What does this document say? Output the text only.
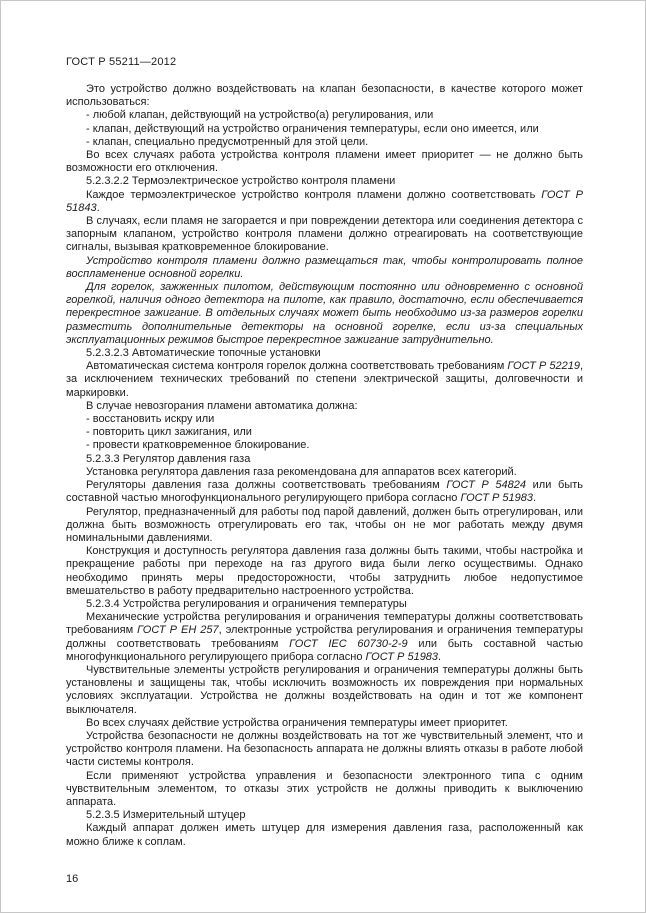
ГОСТ Р 55211—2012

Это устройство должно воздействовать на клапан безопасности, в качестве которого может использоваться:

- любой клапан, действующий на устройство(а) регулирования, или

- клапан, действующий на устройство ограничения температуры, если оно имеется, или

- клапан, специально предусмотренный для этой цели.

Во всех случаях работа устройства контроля пламени имеет приоритет — не должно быть возможности его отключения.

5.2.3.2.2 Термоэлектрическое устройство контроля пламени

Каждое термоэлектрическое устройство контроля пламени должно соответствовать ГОСТ Р 51843.

В случаях, если пламя не загорается и при повреждении детектора или соединения детектора с запорным клапаном, устройство контроля пламени должно отреагировать на соответствующие сигналы, вызывая кратковременное блокирование.

Устройство контроля пламени должно размещаться так, чтобы контролировать полное воспламенение основной горелки.

Для горелок, зажженных пилотом, действующим постоянно или одновременно с основной горелкой, наличия одного детектора на пилоте, как правило, достаточно, если обеспечивается перекрестное зажигание. В отдельных случаях может быть необходимо из-за размеров горелки разместить дополнительные детекторы на основной горелке, если из-за специальных эксплуатационных режимов быстрое перекрестное зажигание затруднительно.

5.2.3.2.3 Автоматические топочные установки

Автоматическая система контроля горелок должна соответствовать требованиям ГОСТ Р 52219, за исключением технических требований по степени электрической защиты, долговечности и маркировки.

В случае невозгорания пламени автоматика должна:

- восстановить искру или

- повторить цикл зажигания, или

- провести кратковременное блокирование.

5.2.3.3 Регулятор давления газа

Установка регулятора давления газа рекомендована для аппаратов всех категорий.

Регуляторы давления газа должны соответствовать требованиям ГОСТ Р 54824 или быть составной частью многофункционального регулирующего прибора согласно ГОСТ Р 51983.

Регулятор, предназначенный для работы под парой давлений, должен быть отрегулирован, или должна быть возможность отрегулировать его так, чтобы он не мог работать между двумя номинальными давлениями.

Конструкция и доступность регулятора давления газа должны быть такими, чтобы настройка и прекращение работы при переходе на газ другого вида были легко осуществимы. Однако необходимо принять меры предосторожности, чтобы затруднить любое недопустимое вмешательство в работу предварительно настроенного устройства.

5.2.3.4 Устройства регулирования и ограничения температуры

Механические устройства регулирования и ограничения температуры должны соответствовать требованиям ГОСТ Р ЕН 257, электронные устройства регулирования и ограничения температуры должны соответствовать требованиям ГОСТ IEC 60730-2-9 или быть составной частью многофункционального регулирующего прибора согласно ГОСТ Р 51983.

Чувствительные элементы устройств регулирования и ограничения температуры должны быть установлены и защищены так, чтобы исключить возможность их повреждения при нормальных условиях эксплуатации. Устройства не должны воздействовать на один и тот же компонент выключателя.

Во всех случаях действие устройства ограничения температуры имеет приоритет.

Устройства безопасности не должны воздействовать на тот же чувствительный элемент, что и устройство контроля пламени. На безопасность аппарата не должны влиять отказы в работе любой части системы контроля.

Если применяют устройства управления и безопасности электронного типа с одним чувствительным элементом, то отказы этих устройств не должны приводить к выключению аппарата.

5.2.3.5 Измерительный штуцер

Каждый аппарат должен иметь штуцер для измерения давления газа, расположенный как можно ближе к соплам.

16
